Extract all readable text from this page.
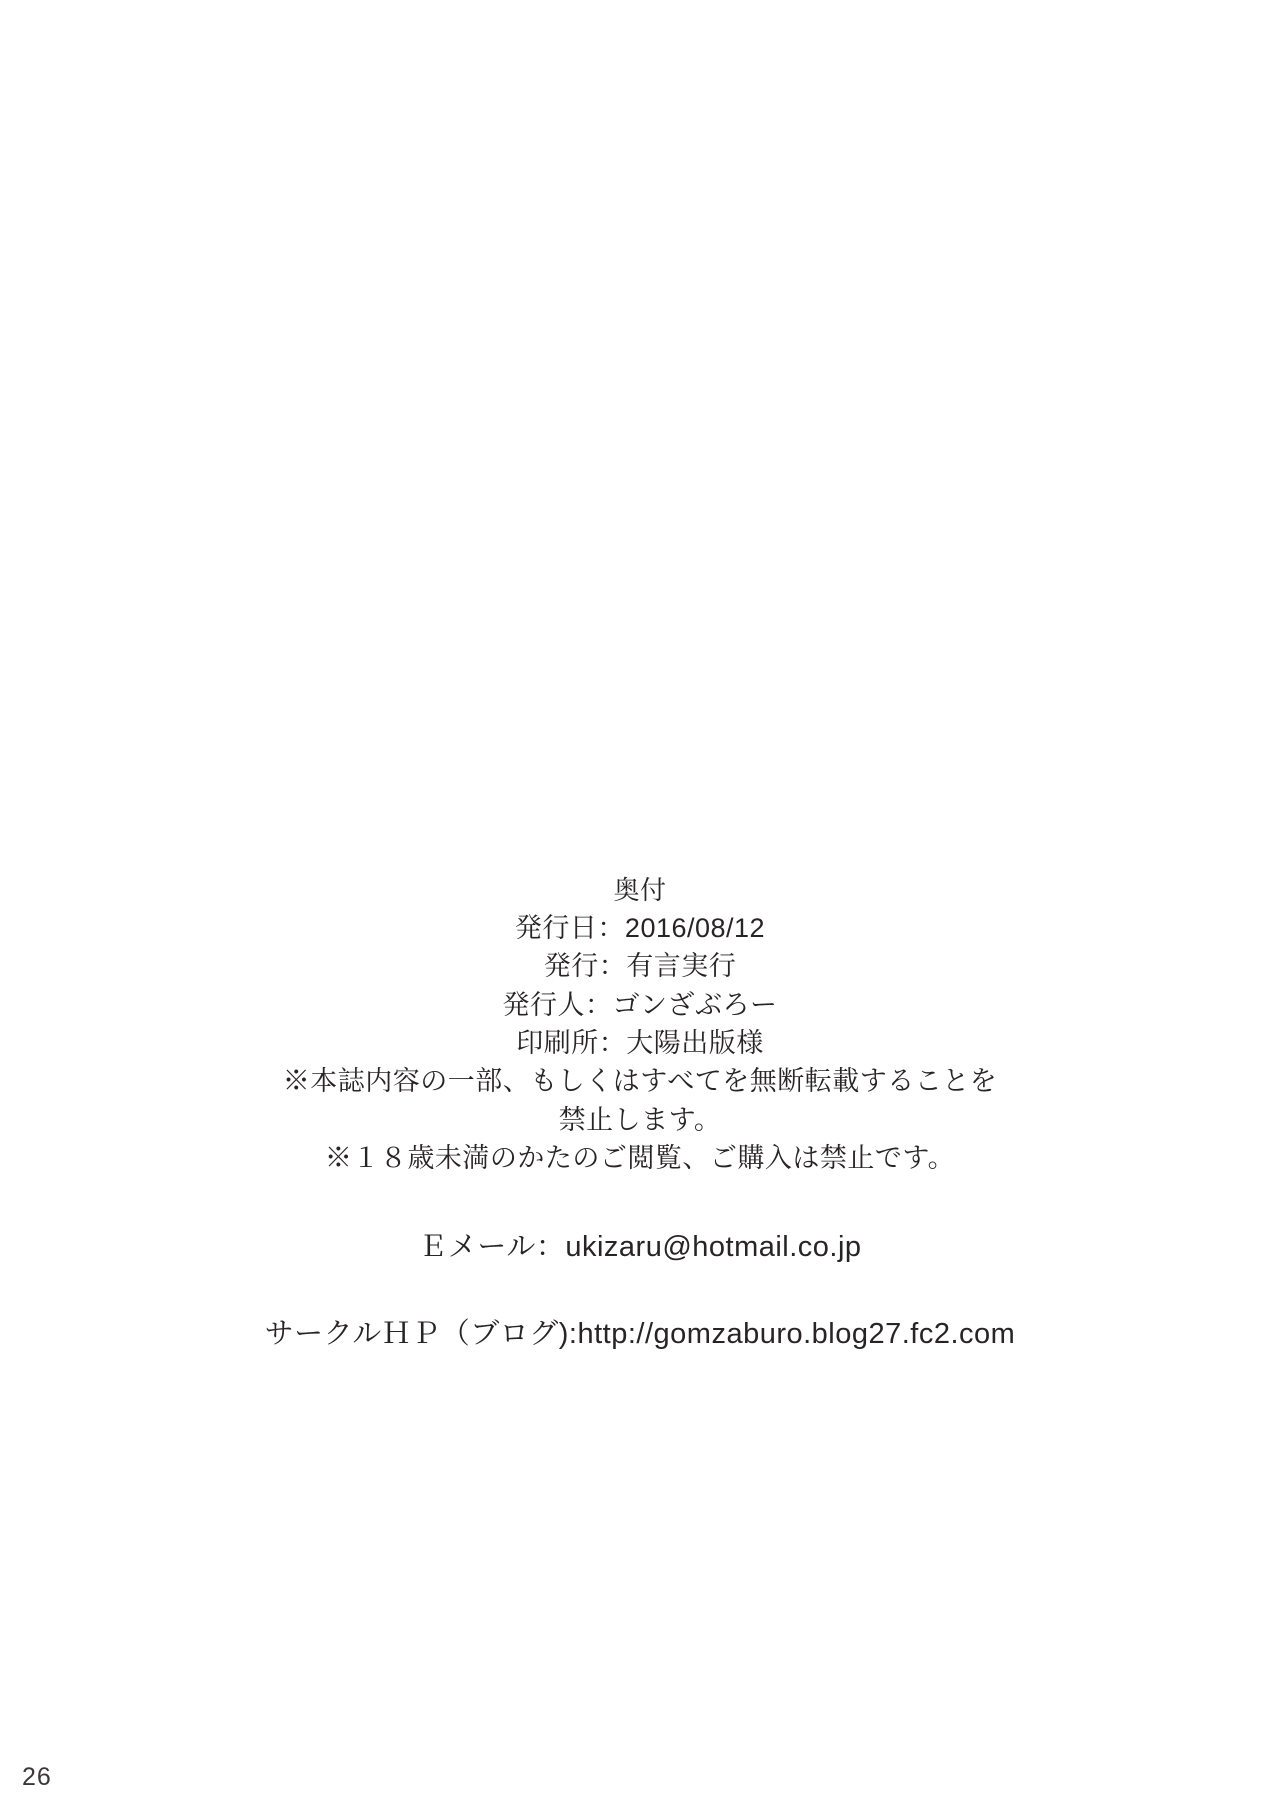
奥付
発行日：2016/08/12
発行：有言実行
発行人：ゴンざぶろー
印刷所：大陽出版様
※本誌内容の一部、もしくはすべてを無断転載することを
禁止します。
※１８歳未満のかたのご閲覧、ご購入は禁止です。
Ｅメール：ukizaru@hotmail.co.jp
サークルＨＰ（ブログ):http://gomzaburo.blog27.fc2.com
26
